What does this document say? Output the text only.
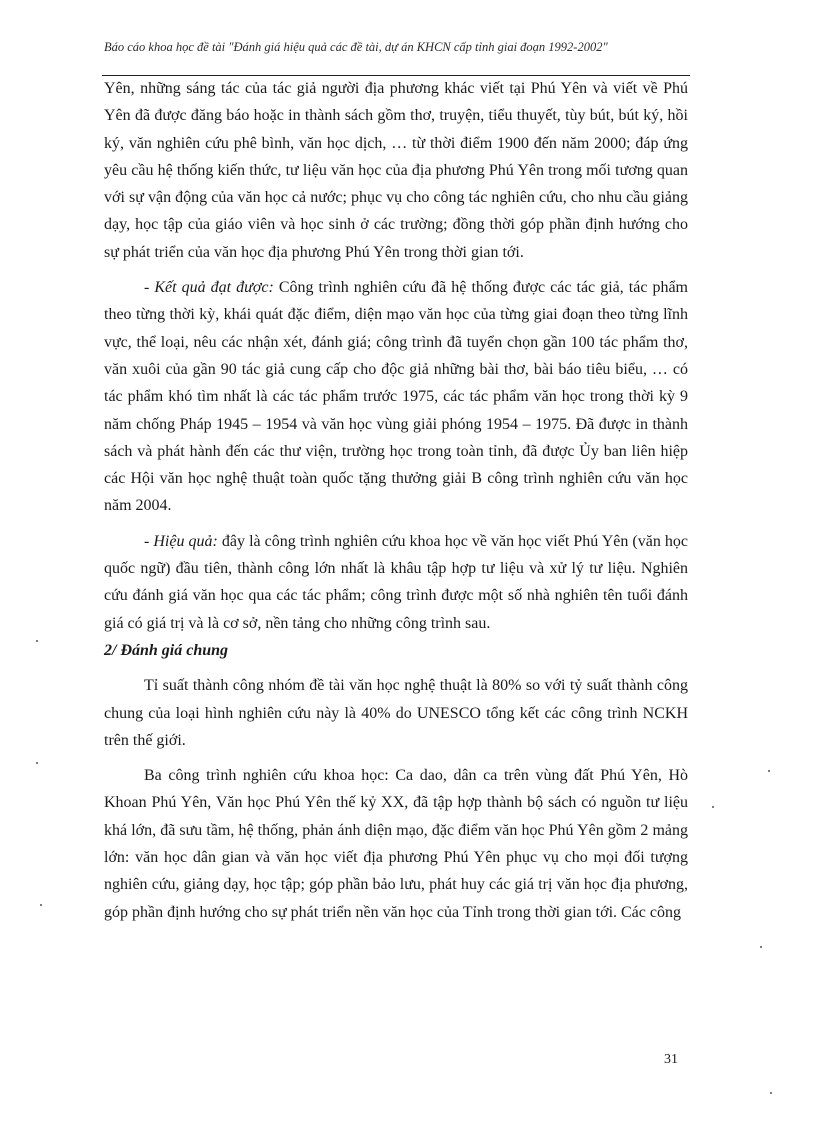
Báo cáo khoa học đề tài "Đánh giá hiệu quả các đề tài, dự án KHCN cấp tỉnh giai đoạn 1992-2002"

Yên, những sáng tác của tác giả người địa phương khác viết tại Phú Yên và viết về Phú Yên đã được đăng báo hoặc in thành sách gồm thơ, truyện, tiểu thuyết, tùy bút, bút ký, hồi ký, văn nghiên cứu phê bình, văn học dịch, … từ thời điểm 1900 đến năm 2000; đáp ứng yêu cầu hệ thống kiến thức, tư liệu văn học của địa phương Phú Yên trong mối tương quan với sự vận động của văn học cả nước; phục vụ cho công tác nghiên cứu, cho nhu cầu giảng dạy, học tập của giáo viên và học sinh ở các trường; đồng thời góp phần định hướng cho sự phát triển của văn học địa phương Phú Yên trong thời gian tới.

- Kết quả đạt được: Công trình nghiên cứu đã hệ thống được các tác giả, tác phẩm theo từng thời kỳ, khái quát đặc điểm, diện mạo văn học của từng giai đoạn theo từng lĩnh vực, thể loại, nêu các nhận xét, đánh giá; công trình đã tuyển chọn gần 100 tác phẩm thơ, văn xuôi của gần 90 tác giả cung cấp cho độc giả những bài thơ, bài báo tiêu biểu, … có tác phẩm khó tìm nhất là các tác phẩm trước 1975, các tác phẩm văn học trong thời kỳ 9 năm chống Pháp 1945 – 1954 và văn học vùng giải phóng 1954 – 1975. Đã được in thành sách và phát hành đến các thư viện, trường học trong toàn tỉnh, đã được Ủy ban liên hiệp các Hội văn học nghệ thuật toàn quốc tặng thưởng giải B công trình nghiên cứu văn học năm 2004.

- Hiệu quả: đây là công trình nghiên cứu khoa học về văn học viết Phú Yên (văn học quốc ngữ) đầu tiên, thành công lớn nhất là khâu tập hợp tư liệu và xử lý tư liệu. Nghiên cứu đánh giá văn học qua các tác phẩm; công trình được một số nhà nghiên tên tuổi đánh giá có giá trị và là cơ sở, nền tảng cho những công trình sau.

2/ Đánh giá chung

Tỉ suất thành công nhóm đề tài văn học nghệ thuật là 80% so với tỷ suất thành công chung của loại hình nghiên cứu này là 40% do UNESCO tổng kết các công trình NCKH trên thế giới.

Ba công trình nghiên cứu khoa học: Ca dao, dân ca trên vùng đất Phú Yên, Hò Khoan Phú Yên, Văn học Phú Yên thế kỷ XX, đã tập hợp thành bộ sách có nguồn tư liệu khá lớn, đã sưu tầm, hệ thống, phản ánh diện mạo, đặc điểm văn học Phú Yên gồm 2 mảng lớn: văn học dân gian và văn học viết địa phương Phú Yên phục vụ cho mọi đối tượng nghiên cứu, giảng dạy, học tập; góp phần bảo lưu, phát huy các giá trị văn học địa phương, góp phần định hướng cho sự phát triển nền văn học của Tỉnh trong thời gian tới. Các công

31
